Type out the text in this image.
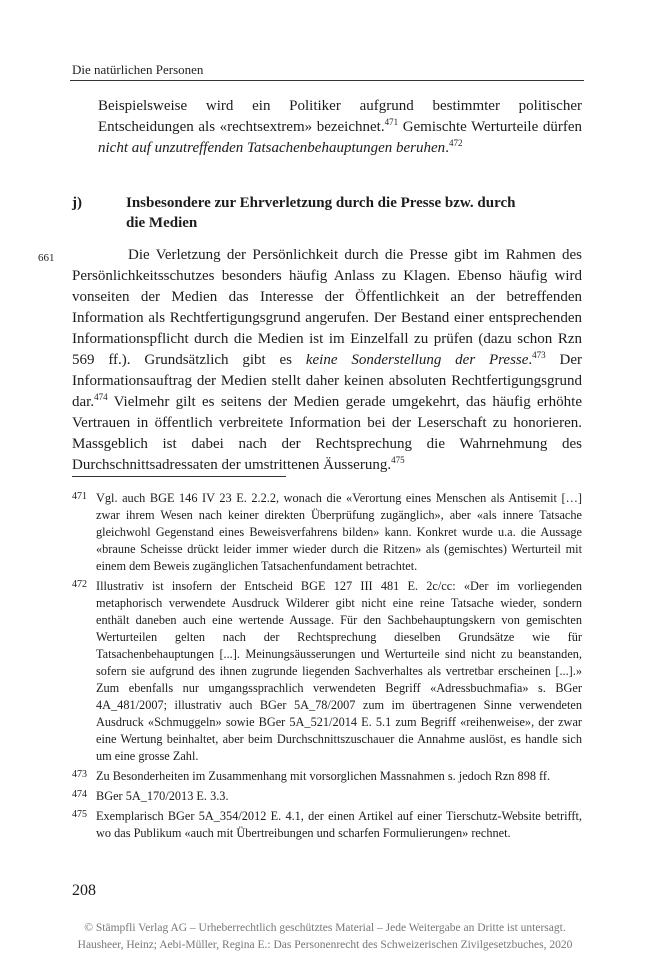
Die natürlichen Personen
Beispielsweise wird ein Politiker aufgrund bestimmter politischer Entscheidungen als «rechtsextrem» bezeichnet.$^{471}$ Gemischte Werturteile dürfen nicht auf unzutreffenden Tatsachenbehauptungen beruhen.$^{472}$
j)	Insbesondere zur Ehrverletzung durch die Presse bzw. durch die Medien
661	Die Verletzung der Persönlichkeit durch die Presse gibt im Rahmen des Persönlichkeitsschutzes besonders häufig Anlass zu Klagen. Ebenso häufig wird vonseiten der Medien das Interesse der Öffentlichkeit an der betreffenden Information als Rechtfertigungsgrund angerufen. Der Bestand einer entsprechenden Informationspflicht durch die Medien ist im Einzelfall zu prüfen (dazu schon Rzn 569 ff.). Grundsätzlich gibt es keine Sonderstellung der Presse.$^{473}$ Der Informationsauftrag der Medien stellt daher keinen absoluten Rechtfertigungsgrund dar.$^{474}$ Vielmehr gilt es seitens der Medien gerade umgekehrt, das häufig erhöhte Vertrauen in öffentlich verbreitete Information bei der Leserschaft zu honorieren. Massgeblich ist dabei nach der Rechtsprechung die Wahrnehmung des Durchschnittsadressaten der umstrittenen Äusserung.$^{475}$
471 Vgl. auch BGE 146 IV 23 E. 2.2.2, wonach die «Verortung eines Menschen als Antisemit […] zwar ihrem Wesen nach keiner direkten Überprüfung zugänglich», aber «als innere Tatsache gleichwohl Gegenstand eines Beweisverfahrens bilden» kann. Konkret wurde u.a. die Aussage «braune Scheisse drückt leider immer wieder durch die Ritzen» als (gemischtes) Werturteil mit einem dem Beweis zugänglichen Tatsachenfundament betrachtet.
472 Illustrativ ist insofern der Entscheid BGE 127 III 481 E. 2c/cc: «Der im vorliegenden metaphorisch verwendete Ausdruck Wilderer gibt nicht eine reine Tatsache wieder, sondern enthält daneben auch eine wertende Aussage. Für den Sachbehauptungskern von gemischten Werturteilen gelten nach der Rechtsprechung dieselben Grundsätze wie für Tatsachenbehauptungen [...]. Meinungsäusserungen und Werturteile sind nicht zu beanstanden, sofern sie aufgrund des ihnen zugrunde liegenden Sachverhaltes als vertretbar erscheinen [...].» Zum ebenfalls nur umgangssprachlich verwendeten Begriff «Adressbuchmafia» s. BGer 4A_481/2007; illustrativ auch BGer 5A_78/2007 zum im übertragenen Sinne verwendeten Ausdruck «Schmuggeln» sowie BGer 5A_521/2014 E. 5.1 zum Begriff «reihenweise», der zwar eine Wertung beinhaltet, aber beim Durchschnittszuschauer die Annahme auslöst, es handle sich um eine grosse Zahl.
473 Zu Besonderheiten im Zusammenhang mit vorsorglichen Massnahmen s. jedoch Rzn 898 ff.
474 BGer 5A_170/2013 E. 3.3.
475 Exemplarisch BGer 5A_354/2012 E. 4.1, der einen Artikel auf einer Tierschutz-Website betrifft, wo das Publikum «auch mit Übertreibungen und scharfen Formulierungen» rechnet.
208
© Stämpfli Verlag AG – Urheberrechtlich geschütztes Material – Jede Weitergabe an Dritte ist untersagt.
Hausheer, Heinz; Aebi-Müller, Regina E.: Das Personenrecht des Schweizerischen Zivilgesetzbuches, 2020
